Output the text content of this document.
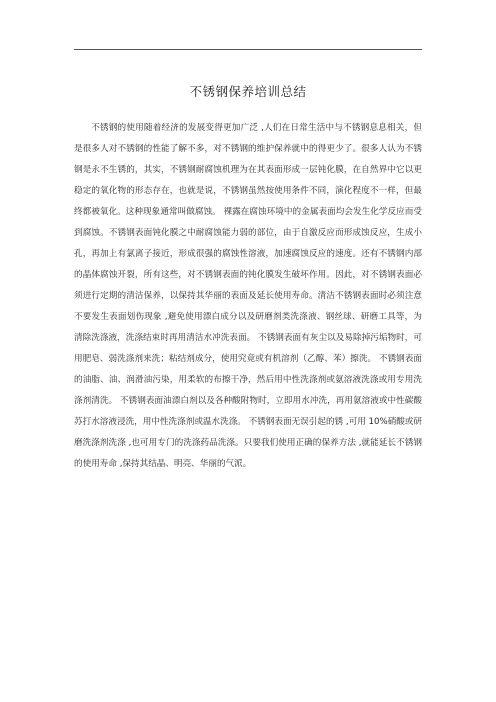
不锈钢保养培训总结

不锈钢的使用随着经济的发展变得更加广泛 ,人们在日常生活中与不锈钢息息相关，但是很多人对不锈钢的性能了解不多，对不锈钢的维护保养就中的得更少了。很多人认为不锈钢是永不生锈的，其实，不锈钢耐腐蚀机理为在其表面形成一层钝化膜，在自然界中它以更稳定的氧化物的形态存在，也就是说，不锈钢虽然按使用条件不同，演化程度不一样，但最终都被氧化。这种现象通常叫做腐蚀。 裸露在腐蚀环境中的金属表面均会发生化学反应而受到腐蚀。不锈钢表面钝化膜之中耐腐蚀能力弱的部位，由于自激反应而形成蚀反应，生成小孔，再加上有氯离子接近，形成很强的腐蚀性溶液，加速腐蚀反应的速度。还有不锈钢内部的晶体腐蚀开裂，所有这些，对不锈钢表面的钝化膜发生破坏作用。因此，对不锈钢表面必须进行定期的清洁保养，以保持其华丽的表面及延长使用寿命。清洁不锈钢表面时必须注意不要发生表面划伤现象 ,避免使用漂白成分以及研磨剂类洗涤液、钢丝球、研磨工具等，为清除洗涤液，洗涤结束时再用清洁水冲洗表面。 不锈钢表面有灰尘以及易除掉污垢物时，可用肥皂、弱洗涤剂来洗；粘结剂成分，使用究竟或有机溶剂（乙醇、苯）擦洗。 不锈钢表面的油脂、油、润滑油污染，用柔软的布擦干净，然后用中性洗涤剂或氨溶液洗涤或用专用洗涤剂清洗。 不锈钢表面油漂白剂以及各种酸附物时，立即用水冲洗，再用氨溶液或中性碳酸苏打水溶液浸洗，用中性洗涤剂或温水洗涤。 不锈钢表面无误引起的锈 ,可用 10%硝酸或研磨洗涤剂洗涤 ,也可用专门的洗涤药品洗涤。只要我们使用正确的保养方法 ,就能延长不锈钢的使用寿命 ,保持其结晶、明亮、华丽的气派。
